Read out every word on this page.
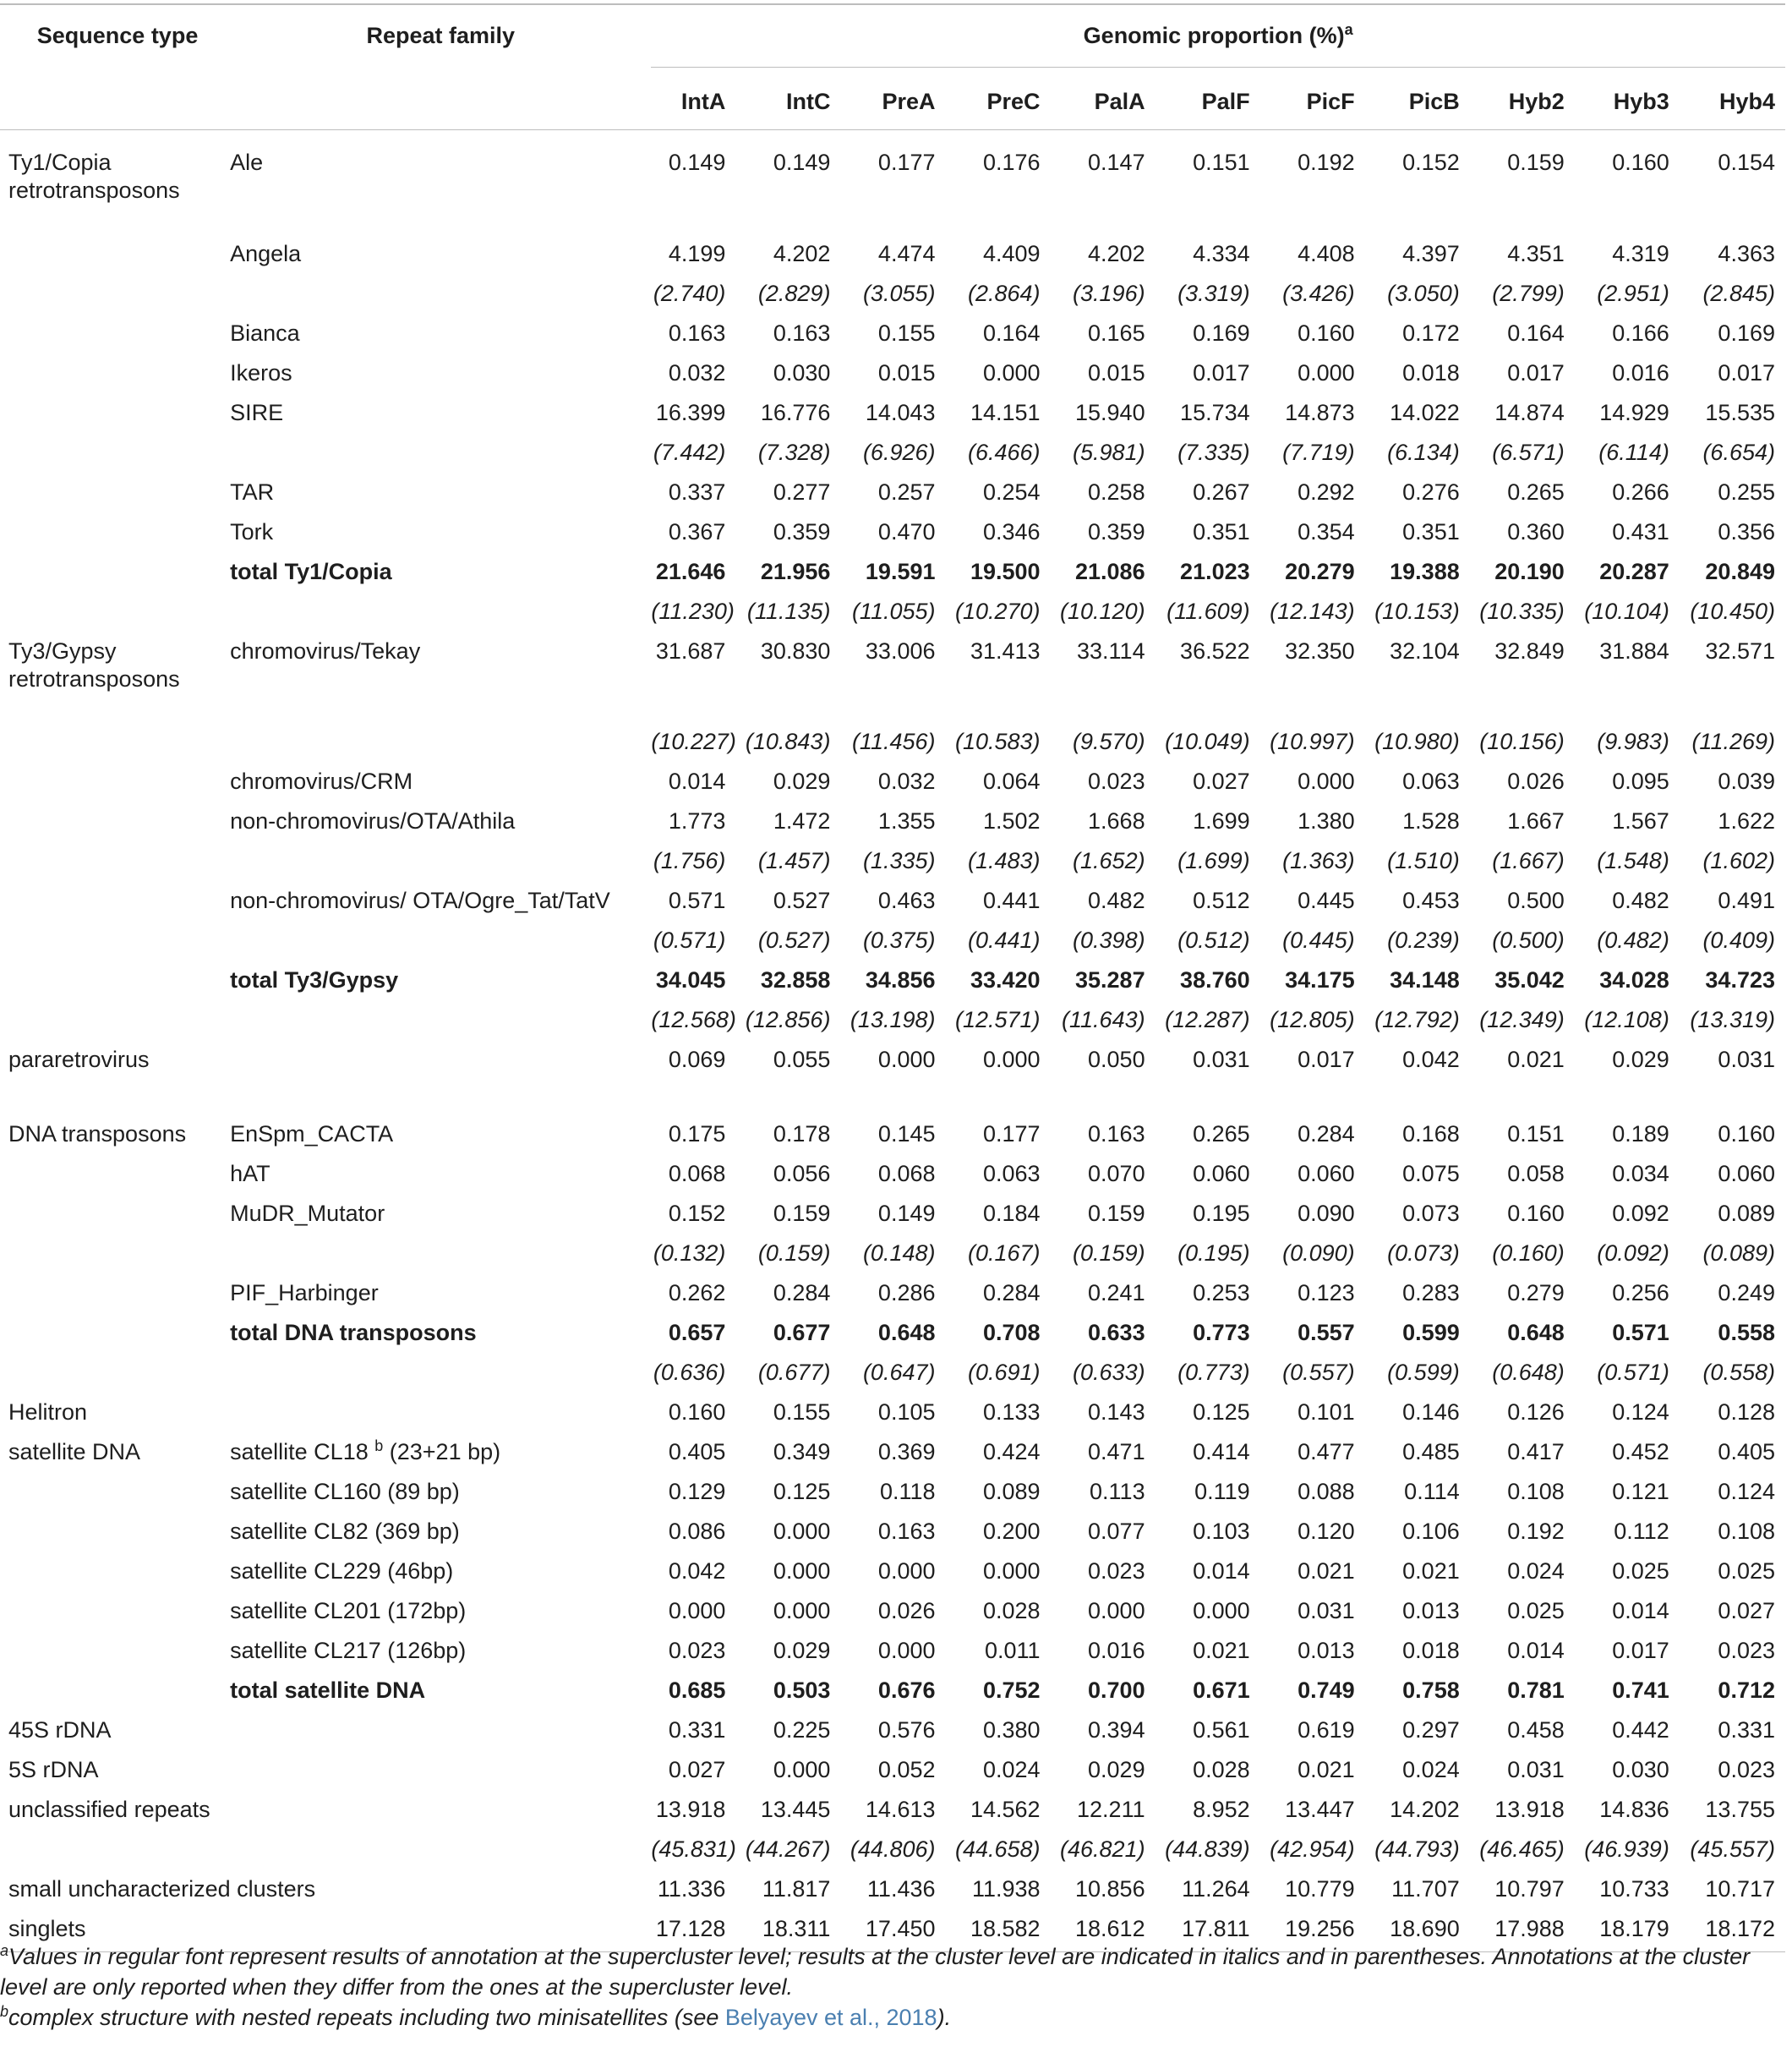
Sequence type	Repeat family	Genomic proportion (%)$^a$
		IntA	IntC	PreA	PreC	PalA	PalF	PicF	PicB	Hyb2	Hyb3	Hyb4
Ty1/Copia retrotransposons	Ale	0.149	0.149	0.177	0.176	0.147	0.151	0.192	0.152	0.159	0.160	0.154
	Angela	4.199	4.202	4.474	4.409	4.202	4.334	4.408	4.397	4.351	4.319	4.363
		(2.740)	(2.829)	(3.055)	(2.864)	(3.196)	(3.319)	(3.426)	(3.050)	(2.799)	(2.951)	(2.845)
	Bianca	0.163	0.163	0.155	0.164	0.165	0.169	0.160	0.172	0.164	0.166	0.169
	Ikeros	0.032	0.030	0.015	0.000	0.015	0.017	0.000	0.018	0.017	0.016	0.017
	SIRE	16.399	16.776	14.043	14.151	15.940	15.734	14.873	14.022	14.874	14.929	15.535
		(7.442)	(7.328)	(6.926)	(6.466)	(5.981)	(7.335)	(7.719)	(6.134)	(6.571)	(6.114)	(6.654)
	TAR	0.337	0.277	0.257	0.254	0.258	0.267	0.292	0.276	0.265	0.266	0.255
	Tork	0.367	0.359	0.470	0.346	0.359	0.351	0.354	0.351	0.360	0.431	0.356
	total Ty1/Copia	21.646	21.956	19.591	19.500	21.086	21.023	20.279	19.388	20.190	20.287	20.849
		(11.230)	(11.135)	(11.055)	(10.270)	(10.120)	(11.609)	(12.143)	(10.153)	(10.335)	(10.104)	(10.450)
Ty3/Gypsy retrotransposons	chromovirus/Tekay	31.687	30.830	33.006	31.413	33.114	36.522	32.350	32.104	32.849	31.884	32.571
		(10.227)	(10.843)	(11.456)	(10.583)	(9.570)	(10.049)	(10.997)	(10.980)	(10.156)	(9.983)	(11.269)
	chromovirus/CRM	0.014	0.029	0.032	0.064	0.023	0.027	0.000	0.063	0.026	0.095	0.039
	non-chromovirus/OTA/Athila	1.773	1.472	1.355	1.502	1.668	1.699	1.380	1.528	1.667	1.567	1.622
		(1.756)	(1.457)	(1.335)	(1.483)	(1.652)	(1.699)	(1.363)	(1.510)	(1.667)	(1.548)	(1.602)
	non-chromovirus/ OTA/Ogre_Tat/TatV	0.571	0.527	0.463	0.441	0.482	0.512	0.445	0.453	0.500	0.482	0.491
		(0.571)	(0.527)	(0.375)	(0.441)	(0.398)	(0.512)	(0.445)	(0.239)	(0.500)	(0.482)	(0.409)
	total Ty3/Gypsy	34.045	32.858	34.856	33.420	35.287	38.760	34.175	34.148	35.042	34.028	34.723
		(12.568)	(12.856)	(13.198)	(12.571)	(11.643)	(12.287)	(12.805)	(12.792)	(12.349)	(12.108)	(13.319)
pararetrovirus		0.069	0.055	0.000	0.000	0.050	0.031	0.017	0.042	0.021	0.029	0.031
DNA transposons	EnSpm_CACTA	0.175	0.178	0.145	0.177	0.163	0.265	0.284	0.168	0.151	0.189	0.160
	hAT	0.068	0.056	0.068	0.063	0.070	0.060	0.060	0.075	0.058	0.034	0.060
	MuDR_Mutator	0.152	0.159	0.149	0.184	0.159	0.195	0.090	0.073	0.160	0.092	0.089
		(0.132)	(0.159)	(0.148)	(0.167)	(0.159)	(0.195)	(0.090)	(0.073)	(0.160)	(0.092)	(0.089)
	PIF_Harbinger	0.262	0.284	0.286	0.284	0.241	0.253	0.123	0.283	0.279	0.256	0.249
	total DNA transposons	0.657	0.677	0.648	0.708	0.633	0.773	0.557	0.599	0.648	0.571	0.558
		(0.636)	(0.677)	(0.647)	(0.691)	(0.633)	(0.773)	(0.557)	(0.599)	(0.648)	(0.571)	(0.558)
Helitron		0.160	0.155	0.105	0.133	0.143	0.125	0.101	0.146	0.126	0.124	0.128
satellite DNA	satellite CL18 $^b$ (23+21 bp)	0.405	0.349	0.369	0.424	0.471	0.414	0.477	0.485	0.417	0.452	0.405
	satellite CL160 (89 bp)	0.129	0.125	0.118	0.089	0.113	0.119	0.088	0.114	0.108	0.121	0.124
	satellite CL82 (369 bp)	0.086	0.000	0.163	0.200	0.077	0.103	0.120	0.106	0.192	0.112	0.108
	satellite CL229 (46bp)	0.042	0.000	0.000	0.000	0.023	0.014	0.021	0.021	0.024	0.025	0.025
	satellite CL201 (172bp)	0.000	0.000	0.026	0.028	0.000	0.000	0.031	0.013	0.025	0.014	0.027
	satellite CL217 (126bp)	0.023	0.029	0.000	0.011	0.016	0.021	0.013	0.018	0.014	0.017	0.023
	total satellite DNA	0.685	0.503	0.676	0.752	0.700	0.671	0.749	0.758	0.781	0.741	0.712
45S rDNA		0.331	0.225	0.576	0.380	0.394	0.561	0.619	0.297	0.458	0.442	0.331
5S rDNA		0.027	0.000	0.052	0.024	0.029	0.028	0.021	0.024	0.031	0.030	0.023
unclassified repeats		13.918	13.445	14.613	14.562	12.211	8.952	13.447	14.202	13.918	14.836	13.755
		(45.831)	(44.267)	(44.806)	(44.658)	(46.821)	(44.839)	(42.954)	(44.793)	(46.465)	(46.939)	(45.557)
small uncharacterized clusters		11.336	11.817	11.436	11.938	10.856	11.264	10.779	11.707	10.797	10.733	10.717
singlets		17.128	18.311	17.450	18.582	18.612	17.811	19.256	18.690	17.988	18.179	18.172

$^a$Values in regular font represent results of annotation at the supercluster level; results at the cluster level are indicated in italics and in parentheses. Annotations at the cluster level are only reported when they differ from the ones at the supercluster level.

$^b$complex structure with nested repeats including two minisatellites (see Belyayev et al., 2018).
